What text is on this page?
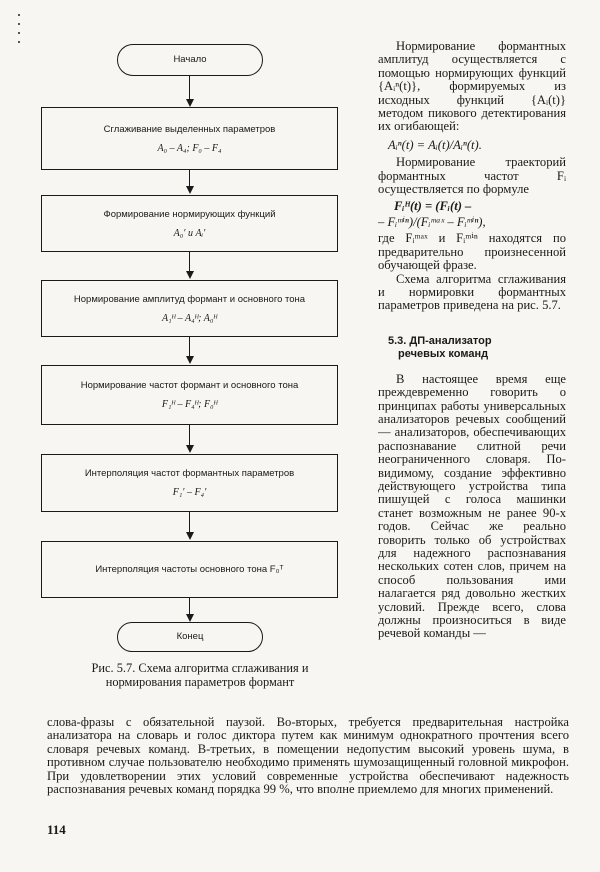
Начало
Сглаживание выделенных параметров
A₀ – A₄; F₀ – F₄
Формирование нормирующих функций
A₀′ и Aᵢ′
Нормирование амплитуд формант и основного тона
A₁ᴴ – A₄ᴴ; A₀ᴴ
Нормирование частот формант и основного тона
F₁ᴴ – F₄ᴴ; F₀ᴴ
Интерполяция частот формантных параметров
F₁′ – F₄′
Интерполяция частоты основного тона F₀ᵀ
Конец
Рис. 5.7. Схема алгоритма сглаживания и
нормирования параметров формант

Нормирование формантных амплитуд осуществляется с помощью нормирующих функций {Aᵢⁿ(t)}, формируемых из исходных функций {Aᵢ(t)} методом пикового детектирования их огибающей:

Aᵢⁿ(t) = Aᵢ(t)/Aᵢⁿ(t).

Нормирование траекторий формантных частот Fᵢ осуществляется по формуле

Fᵢᴴ(t) = (Fᵢ(t) –

– Fᵢᵐⁱⁿ)/(Fᵢᵐᵃˣ – Fᵢᵐⁱⁿ),

где Fᵢᵐᵃˣ и Fᵢᵐⁱⁿ находятся по предварительно произнесенной обучающей фразе.

Схема алгоритма сглаживания и нормировки формантных параметров приведена на рис. 5.7.

5.3. ДП-анализатор
речевых команд

В настоящее время еще преждевременно говорить о принципах работы универсальных анализаторов речевых сообщений — анализаторов, обеспечивающих распознавание слитной речи неограниченного словаря. По-видимому, создание эффективно действующего устройства типа пишущей с голоса машинки станет возможным не ранее 90-х годов. Сейчас же реально говорить только об устройствах для надежного распознавания нескольких сотен слов, причем на способ пользования ими налагается ряд довольно жестких условий. Прежде всего, слова должны произноситься в виде речевой команды —

слова-фразы с обязательной паузой. Во-вторых, требуется предварительная настройка анализатора на словарь и голос диктора путем как минимум однократного прочтения всего словаря речевых команд. В-третьих, в помещении недопустим высокий уровень шума, в противном случае пользователю необходимо применять шумозащищенный головной микрофон. При удовлетворении этих условий современные устройства обеспечивают надежность распознавания речевых команд порядка 99 %, что вполне приемлемо для многих применений.
114
